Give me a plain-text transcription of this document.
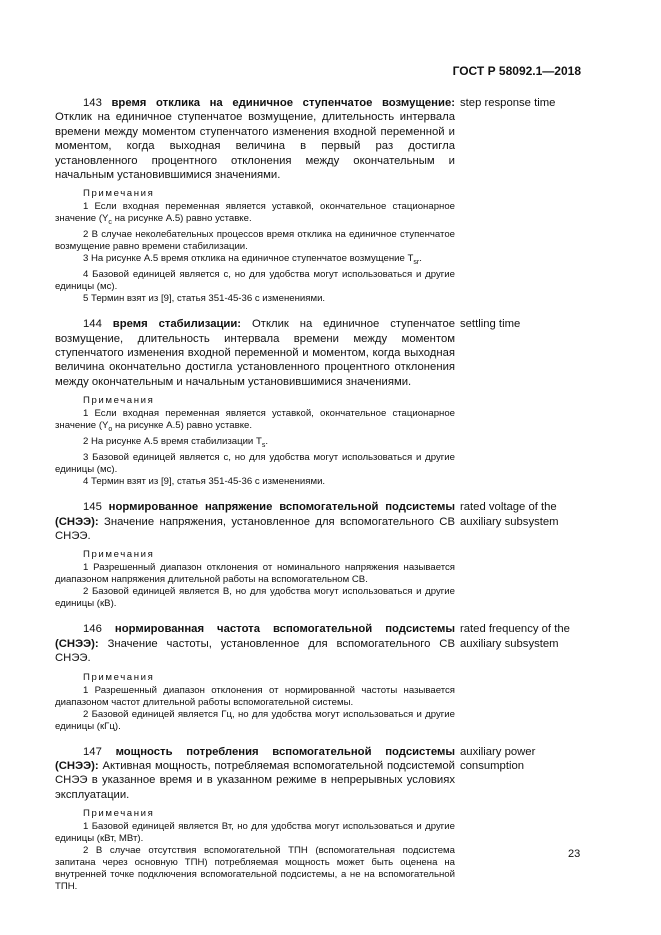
ГОСТ Р 58092.1—2018

143 время отклика на единичное ступенчатое возмущение: Отклик на единичное ступенчатое возмущение, длительность интервала времени между моментом ступенчатого изменения входной переменной и моментом, когда выходная величина в первый раз достигла установленного процентного отклонения между окончательным и начальным установившимися значениями.

step response time
Примечания

1 Если входная переменная является уставкой, окончательное стационарное значение ($Y_c$ на рисунке А.5) равно уставке.

2 В случае неколебательных процессов время отклика на единичное ступенчатое возмущение равно времени стабилизации.

3 На рисунке А.5 время отклика на единичное ступенчатое возмущение $T_{sr}$.

4 Базовой единицей является с, но для удобства могут использоваться и другие единицы (мс).

5 Термин взят из [9], статья 351-45-36 с изменениями.

144 время стабилизации: Отклик на единичное ступенчатое возмущение, длительность интервала времени между моментом ступенчатого изменения входной переменной и моментом, когда выходная величина окончательно достигла установленного процентного отклонения между окончательным и начальным установившимися значениями.

settling time
Примечания

1 Если входная переменная является уставкой, окончательное стационарное значение ($Y_o$ на рисунке А.5) равно уставке.

2 На рисунке А.5 время стабилизации $T_s$.

3 Базовой единицей является с, но для удобства могут использоваться и другие единицы (мс).

4 Термин взят из [9], статья 351-45-36 с изменениями.

145 нормированное напряжение вспомогательной подсистемы (СНЭЭ): Значение напряжения, установленное для вспомогательного СВ СНЭЭ.

rated voltage of the auxiliary subsystem
Примечания

1 Разрешенный диапазон отклонения от номинального напряжения называется диапазоном напряжения длительной работы на вспомогательном СВ.

2 Базовой единицей является В, но для удобства могут использоваться и другие единицы (кВ).

146 нормированная частота вспомогательной подсистемы (СНЭЭ): Значение частоты, установленное для вспомогательного СВ СНЭЭ.

rated frequency of the auxiliary subsystem
Примечания

1 Разрешенный диапазон отклонения от нормированной частоты называется диапазоном частот длительной работы вспомогательной системы.

2 Базовой единицей является Гц, но для удобства могут использоваться и другие единицы (кГц).

147 мощность потребления вспомогательной подсистемы (СНЭЭ): Активная мощность, потребляемая вспомогательной подсистемой СНЭЭ в указанное время и в указанном режиме в непрерывных условиях эксплуатации.

auxiliary power consumption
Примечания

1 Базовой единицей является Вт, но для удобства могут использоваться и другие единицы (кВт, МВт).

2 В случае отсутствия вспомогательной ТПН (вспомогательная подсистема запитана через основную ТПН) потребляемая мощность может быть оценена на внутренней точке подключения вспомогательной подсистемы, а не на вспомогательной ТПН.

23
